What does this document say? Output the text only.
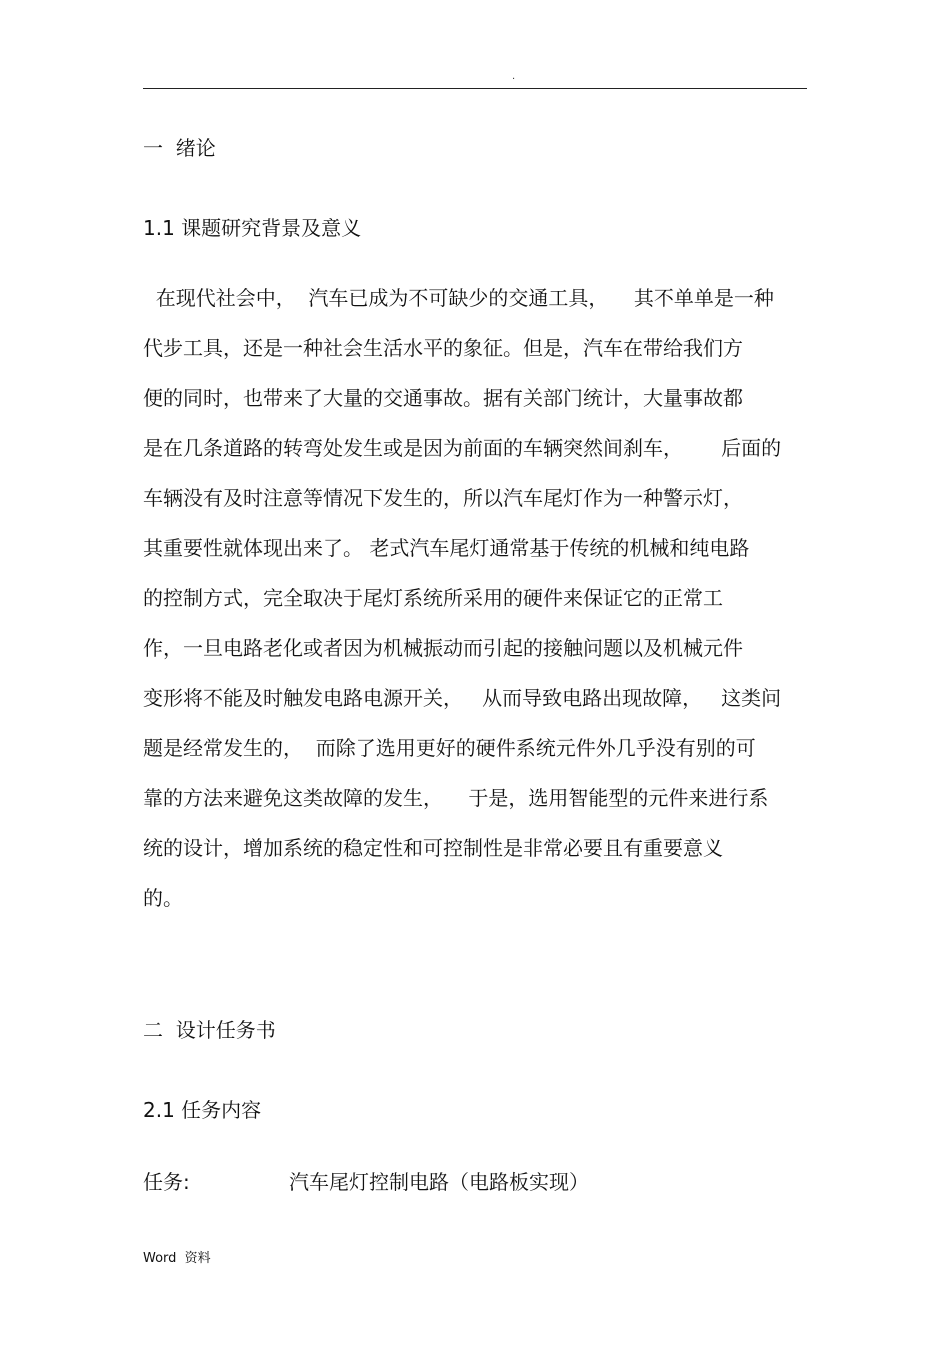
.
一  绪论
1.1 课题研究背景及意义
在现代社会中，  汽车已成为不可缺少的交通工具，    其不单单是一种
代步工具，还是一种社会生活水平的象征。但是，汽车在带给我们方
便的同时，也带来了大量的交通事故。据有关部门统计，大量事故都
是在几条道路的转弯处发生或是因为前面的车辆突然间刹车，      后面的
车辆没有及时注意等情况下发生的，所以汽车尾灯作为一种警示灯，
其重要性就体现出来了。 老式汽车尾灯通常基于传统的机械和纯电路
的控制方式，完全取决于尾灯系统所采用的硬件来保证它的正常工
作，一旦电路老化或者因为机械振动而引起的接触问题以及机械元件
变形将不能及时触发电路电源开关，   从而导致电路出现故障，   这类问
题是经常发生的，  而除了选用更好的硬件系统元件外几乎没有别的可
靠的方法来避免这类故障的发生，    于是，选用智能型的元件来进行系
统的设计，增加系统的稳定性和可控制性是非常必要且有重要意义
的。
二  设计任务书
2.1 任务内容
任务:	汽车尾灯控制电路（电路板实现）
Word  资料
